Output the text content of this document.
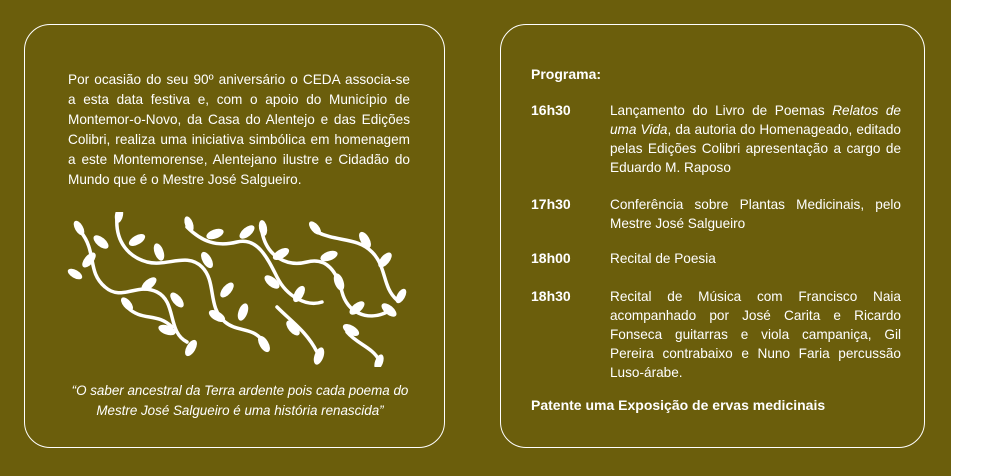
Por ocasião do seu 90º aniversário o CEDA associa-se a esta data festiva e, com o apoio do Município de Montemor-o-Novo, da Casa do Alentejo e das Edições Colibri, realiza uma iniciativa simbólica em homenagem a este Montemorense, Alentejano ilustre e Cidadão do Mundo que é o Mestre José Salgueiro.

“O saber ancestral da Terra ardente pois cada poema do Mestre José Salgueiro é uma história renascida”

Programa:

16h30	Lançamento do Livro de Poemas Relatos de uma Vida, da autoria do Homenageado, editado pelas Edições Colibri apresentação a cargo de Eduardo M. Raposo

17h30	Conferência sobre Plantas Medicinais, pelo Mestre José Salgueiro

18h00	Recital de Poesia

18h30	Recital de Música com Francisco Naia acompanhado por José Carita e Ricardo Fonseca guitarras e viola campaniça, Gil Pereira contrabaixo e Nuno Faria percussão Luso-árabe.

Patente uma Exposição de ervas medicinais
